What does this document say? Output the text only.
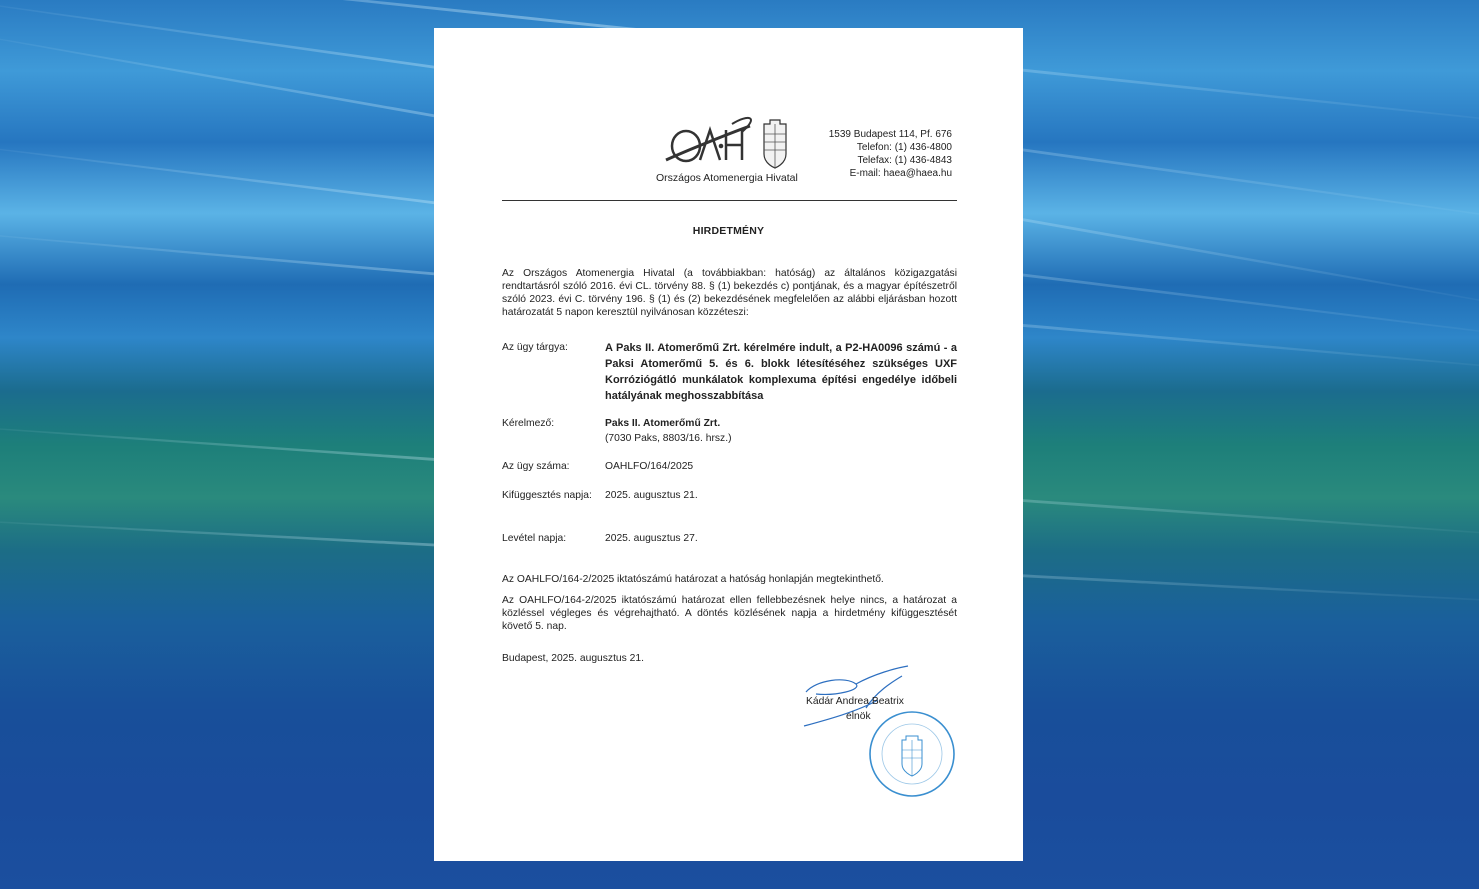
Országos Atomenergia Hivatal
1539 Budapest 114, Pf. 676
Telefon: (1) 436-4800
Telefax: (1) 436-4843
E-mail: haea@haea.hu
HIRDETMÉNY
Az Országos Atomenergia Hivatal (a továbbiakban: hatóság) az általános közigazgatási rendtartásról szóló 2016. évi CL. törvény 88. § (1) bekezdés c) pontjának, és a magyar építészetről szóló 2023. évi C. törvény 196. § (1) és (2) bekezdésének megfelelően az alábbi eljárásban hozott határozatát 5 napon keresztül nyilvánosan közzéteszi:
Az ügy tárgya:	A Paks II. Atomerőmű Zrt. kérelmére indult, a P2-HA0096 számú - a Paksi Atomerőmű 5. és 6. blokk létesítéséhez szükséges UXF Korróziógátló munkálatok komplexuma építési engedélye időbeli hatályának meghosszabbítása
Kérelmező:	Paks II. Atomerőmű Zrt.
(7030 Paks, 8803/16. hrsz.)
Az ügy száma:	OAHLFO/164/2025
Kifüggesztés napja: 2025. augusztus 21.
Levétel napja:	2025. augusztus 27.
Az OAHLFO/164-2/2025 iktatószámú határozat a hatóság honlapján megtekinthető.
Az OAHLFO/164-2/2025 iktatószámú határozat ellen fellebbezésnek helye nincs, a határozat a közléssel végleges és végrehajtható. A döntés közlésének napja a hirdetmény kifüggesztését követő 5. nap.
Budapest, 2025. augusztus 21.
Kádár Andrea Beatrix
elnök
